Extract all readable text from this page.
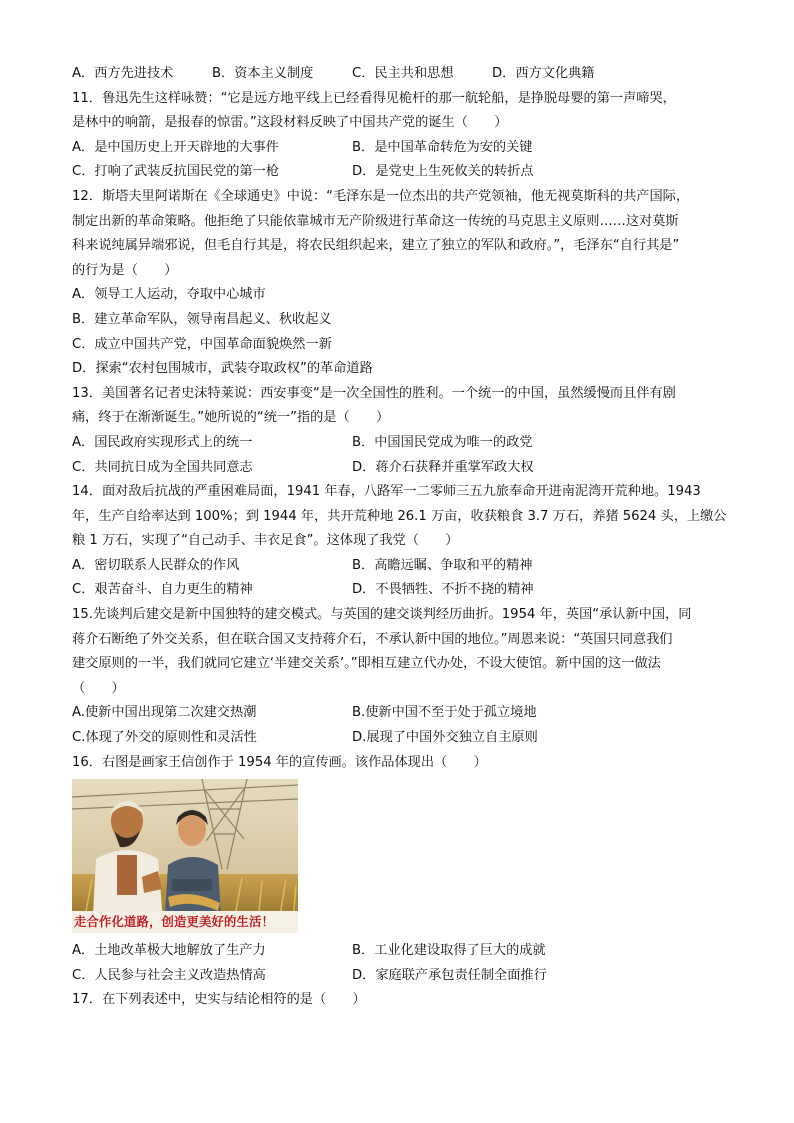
A．西方先进技术	B．资本主义制度	C．民主共和思想	D．西方文化典籍
11．鲁迅先生这样咏赞：“它是远方地平线上已经看得见桅杆的那一航轮船，是挣脱母婴的第一声啼哭，
是林中的响箭，是报春的惊雷。”这段材料反映了中国共产党的诞生（　　）
A．是中国历史上开天辟地的大事件	B．是中国革命转危为安的关键
C．打响了武装反抗国民党的第一枪	D．是党史上生死攸关的转折点
12．斯塔夫里阿诺斯在《全球通史》中说：“毛泽东是一位杰出的共产党领袖，他无视莫斯科的共产国际，
制定出新的革命策略。他拒绝了只能依靠城市无产阶级进行革命这一传统的马克思主义原则……这对莫斯
科来说纯属异端邪说，但毛自行其是，将农民组织起来，建立了独立的军队和政府。”，毛泽东“自行其是”
的行为是（　　）
A．领导工人运动，夺取中心城市
B．建立革命军队，领导南昌起义、秋收起义
C．成立中国共产党，中国革命面貌焕然一新
D．探索“农村包围城市，武装夺取政权”的革命道路
13．美国著名记者史沫特莱说：西安事变“是一次全国性的胜利。一个统一的中国，虽然缓慢而且伴有剧
痛，终于在渐渐诞生。”她所说的“统一”指的是（　　）
A．国民政府实现形式上的统一	B．中国国民党成为唯一的政党
C．共同抗日成为全国共同意志	D．蒋介石获释并重掌军政大权
14．面对敌后抗战的严重困难局面，1941 年春，八路军一二零师三五九旅奉命开进南泥湾开荒种地。1943
年，生产自给率达到 100%；到 1944 年，共开荒种地 26.1 万亩，收获粮食 3.7 万石，养猪 5624 头，上缴公
粮 1 万石，实现了“自己动手、丰衣足食”。这体现了我党（　　）
A．密切联系人民群众的作风	B．高瞻远瞩、争取和平的精神
C．艰苦奋斗、自力更生的精神	D．不畏牺牲、不折不挠的精神
15.先谈判后建交是新中国独特的建交模式。与英国的建交谈判经历曲折。1954 年，英国“承认新中国，同
蒋介石断绝了外交关系，但在联合国又支持蒋介石，不承认新中国的地位。”周恩来说：“英国只同意我们
建交原则的一半，我们就同它建立‘半建交关系’。”即相互建立代办处，不设大使馆。新中国的这一做法
（　　）
A.使新中国出现第二次建交热潮	B.使新中国不至于处于孤立境地
C.体现了外交的原则性和灵活性	D.展现了中国外交独立自主原则
16．右图是画家王信创作于 1954 年的宣传画。该作品体现出（　　）
走合作化道路，创造更美好的生活！
A．土地改革极大地解放了生产力	B．工业化建设取得了巨大的成就
C．人民参与社会主义改造热情高	D．家庭联产承包责任制全面推行
17．在下列表述中，史实与结论相符的是（　　）
